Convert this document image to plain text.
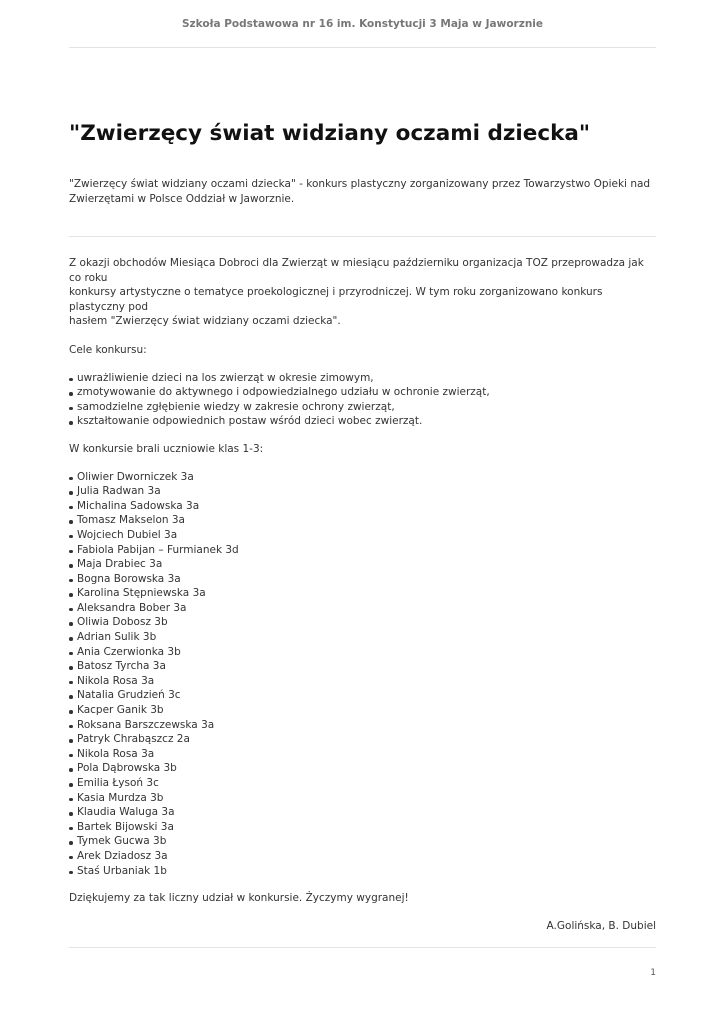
Szkoła Podstawowa nr 16 im. Konstytucji 3 Maja w Jaworznie
"Zwierzęcy świat widziany oczami dziecka"

"Zwierzęcy świat widziany oczami dziecka" - konkurs plastyczny zorganizowany przez Towarzystwo Opieki nad
Zwierzętami w Polsce Oddział w Jaworznie.

Z okazji obchodów Miesiąca Dobroci dla Zwierząt w miesiącu październiku organizacja TOZ przeprowadza jak co roku
konkursy artystyczne o tematyce proekologicznej i przyrodniczej. W tym roku zorganizowano konkurs plastyczny pod
hasłem "Zwierzęcy świat widziany oczami dziecka".

Cele konkursu:

uwrażliwienie dzieci na los zwierząt w okresie zimowym,
zmotywowanie do aktywnego i odpowiedzialnego udziału w ochronie zwierząt,
samodzielne zgłębienie wiedzy w zakresie ochrony zwierząt,
kształtowanie odpowiednich postaw wśród dzieci wobec zwierząt.

W konkursie brali uczniowie klas 1-3:

Oliwier Dworniczek 3a
Julia Radwan 3a
Michalina Sadowska 3a
Tomasz Makselon 3a
Wojciech Dubiel 3a
Fabiola Pabijan – Furmianek 3d
Maja Drabiec 3a
Bogna Borowska 3a
Karolina Stępniewska 3a
Aleksandra Bober 3a
Oliwia Dobosz 3b
Adrian Sulik 3b
Ania Czerwionka 3b
Batosz Tyrcha 3a
Nikola Rosa 3a
Natalia Grudzień 3c
Kacper Ganik 3b
Roksana Barszczewska 3a
Patryk Chrabąszcz 2a
Nikola Rosa 3a
Pola Dąbrowska 3b
Emilia Łysoń 3c
Kasia Murdza 3b
Klaudia Waluga 3a
Bartek Bijowski 3a
Tymek Gucwa 3b
Arek Dziadosz 3a
Staś Urbaniak 1b

Dziękujemy za tak liczny udział w konkursie. Życzymy wygranej!

A.Golińska, B. Dubiel

1
